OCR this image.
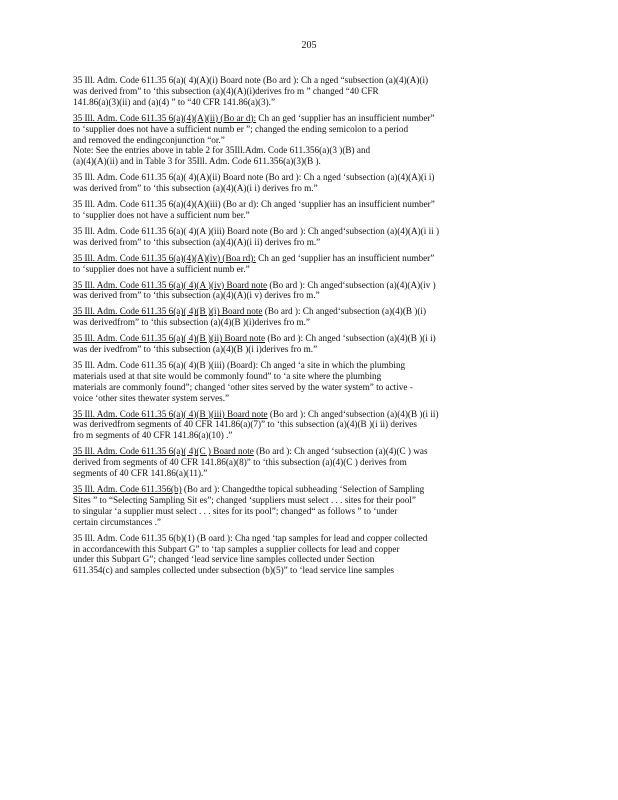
205

35 Ill. Adm. Code 611.35 6(a)( 4)(A)(i) Board note (Bo ard ): Ch a nged “subsection (a)(4)(A)(i)
was derived from” to ‘this subsection (a)(4)(A)(i)derives fro m ” changed “40 CFR
141.86(a)(3)(ii) and (a)(4) ” to “40 CFR 141.86(a)(3).”

35 Ill. Adm. Code 611.35 6(a)(4)(A)(ii) (Bo ar d): Ch an ged ‘supplier has an insufficient number”
to ‘supplier does not have a sufficient numb er ”; changed the ending semicolon to a period
and removed the endingconjunction “or.”
Note: See the entries above in table 2 for 35Ill.Adm. Code 611.356(a)(3 )(B) and
(a)(4)(A)(ii) and in Table 3 for 35Ill. Adm. Code 611.356(a)(3)(B ).

35 Ill. Adm. Code 611.35 6(a)( 4)(A)(ii) Board note (Bo ard ): Ch a nged ‘subsection (a)(4)(A)(i i)
was derived from” to ‘this subsection (a)(4)(A)(i i) derives fro m.”

35 Ill. Adm. Code 611.35 6(a)(4)(A)(iii) (Bo ar d): Ch anged ‘supplier has an insufficient number”
to ‘supplier does not have a sufficient num ber.”

35 Ill. Adm. Code 611.35 6(a)( 4)(A )(iii) Board note (Bo ard ): Ch anged‘subsection (a)(4)(A)(i ii )
was derived from” to ‘this subsection (a)(4)(A)(i ii) derives fro m.”

35 Ill. Adm. Code 611.35 6(a)(4)(A)(iv) (Boa rd): Ch an ged ‘supplier has an insufficient number”
to ‘supplier does not have a sufficient numb er.”

35 Ill. Adm. Code 611.35 6(a)( 4)(A )(iv) Board note (Bo ard ): Ch anged‘subsection (a)(4)(A)(iv )
was derived from” to ‘this subsection (a)(4)(A)(i v) derives fro m.”

35 Ill. Adm. Code 611.35 6(a)( 4)(B )(i) Board note (Bo ard ): Ch anged‘subsection (a)(4)(B )(i)
was derivedfrom” to ‘this subsection (a)(4)(B )(i)derives fro m.”

35 Ill. Adm. Code 611.35 6(a)( 4)(B )(ii) Board note (Bo ard ): Ch anged ‘subsection (a)(4)(B )(i i)
was der ivedfrom” to ‘this subsection (a)(4)(B )(i i)derives fro m.”

35 Ill. Adm. Code 611.35 6(a)( 4)(B )(iii) (Board): Ch anged ‘a site in which the plumbing
materials used at that site would be commonly found” to ‘a site where the plumbing
materials are commonly found”; changed ‘other sites served by the water system” to active -
voice ‘other sites thewater system serves.”

35 Ill. Adm. Code 611.35 6(a)( 4)(B )(iii) Board note (Bo ard ): Ch anged‘subsection (a)(4)(B )(i ii)
was derivedfrom segments of 40 CFR 141.86(a)(7)” to ‘this subsection (a)(4)(B )(i ii) derives
fro m segments of 40 CFR 141.86(a)(10) .”

35 Ill. Adm. Code 611.35 6(a)( 4)(C ) Board note (Bo ard ): Ch anged ‘subsection (a)(4)(C ) was
derived from segments of 40 CFR 141.86(a)(8)” to ‘this subsection (a)(4)(C ) derives from
segments of 40 CFR 141.86(a)(11).”

35 Ill. Adm. Code 611.356(b) (Bo ard ): Changedthe topical subheading ‘Selection of Sampling
Sites ” to “Selecting Sampling Sit es”; changed ‘suppliers must select . . . sites for their pool”
to singular ‘a supplier must select . . . sites for its pool”; changed“ as follows ” to ‘under
certain circumstances .”

35 Ill. Adm. Code 611.35 6(b)(1) (B oard ): Cha nged ‘tap samples for lead and copper collected
in accordancewith this Subpart G” to ‘tap samples a supplier collects for lead and copper
under this Subpart G”; changed ‘lead service line samples collected under Section
611.354(c) and samples collected under subsection (b)(5)” to ‘lead service line samples
